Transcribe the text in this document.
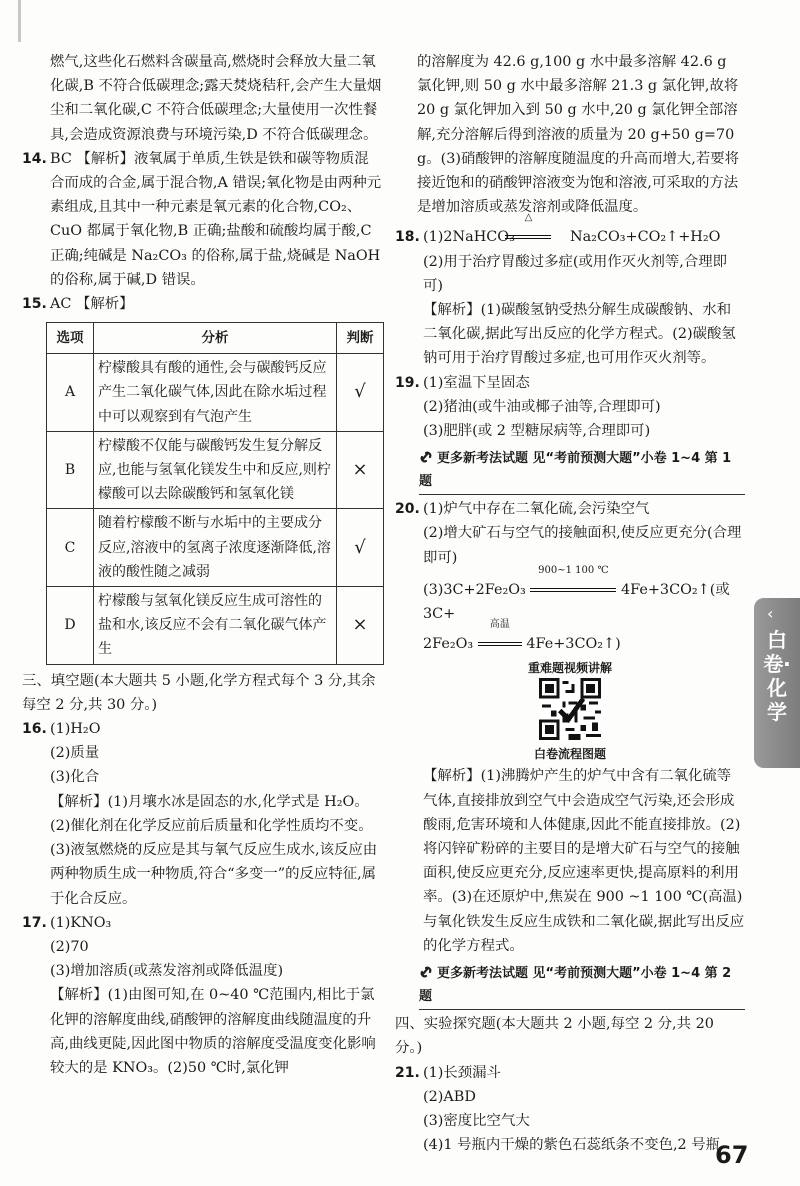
燃气,这些化石燃料含碳量高,燃烧时会释放大量二氧化碳,B 不符合低碳理念;露天焚烧秸秆,会产生大量烟尘和二氧化碳,C 不符合低碳理念;大量使用一次性餐具,会造成资源浪费与环境污染,D 不符合低碳理念。

14. BC 【解析】液氧属于单质,生铁是铁和碳等物质混合而成的合金,属于混合物,A 错误;氧化物是由两种元素组成,且其中一种元素是氧元素的化合物,CO₂、CuO 都属于氧化物,B 正确;盐酸和硫酸均属于酸,C 正确;纯碱是 Na₂CO₃ 的俗称,属于盐,烧碱是 NaOH 的俗称,属于碱,D 错误。

15. AC 【解析】

选项	分析	判断
A	柠檬酸具有酸的通性,会与碳酸钙反应产生二氧化碳气体,因此在除水垢过程中可以观察到有气泡产生	√
B	柠檬酸不仅能与碳酸钙发生复分解反应,也能与氢氧化镁发生中和反应,则柠檬酸可以去除碳酸钙和氢氧化镁	×
C	随着柠檬酸不断与水垢中的主要成分反应,溶液中的氢离子浓度逐渐降低,溶液的酸性随之减弱	√
D	柠檬酸与氢氧化镁反应生成可溶性的盐和水,该反应不会有二氧化碳气体产生	×

三、填空题(本大题共 5 小题,化学方程式每个 3 分,其余每空 2 分,共 30 分。)

16. (1)H₂O

(2)质量

(3)化合

【解析】(1)月壤水冰是固态的水,化学式是 H₂O。(2)催化剂在化学反应前后质量和化学性质均不变。(3)液氢燃烧的反应是其与氧气反应生成水,该反应由两种物质生成一种物质,符合“多变一”的反应特征,属于化合反应。

17. (1)KNO₃

(2)70

(3)增加溶质(或蒸发溶剂或降低温度)

【解析】(1)由图可知,在 0~40 ℃范围内,相比于氯化钾的溶解度曲线,硝酸钾的溶解度曲线随温度的升高,曲线更陡,因此图中物质的溶解度受温度变化影响较大的是 KNO₃。(2)50 ℃时,氯化钾

的溶解度为 42.6 g,100 g 水中最多溶解 42.6 g 氯化钾,则 50 g 水中最多溶解 21.3 g 氯化钾,故将 20 g 氯化钾加入到 50 g 水中,20 g 氯化钾全部溶解,充分溶解后得到溶液的质量为 20 g+50 g=70 g。(3)硝酸钾的溶解度随温度的升高而增大,若要将接近饱和的硝酸钾溶液变为饱和溶液,可采取的方法是增加溶质或蒸发溶剂或降低温度。

18. (1)2NaHCO₃
△
Na₂CO₃+CO₂↑+H₂O

(2)用于治疗胃酸过多症(或用作灭火剂等,合理即可)

【解析】(1)碳酸氢钠受热分解生成碳酸钠、水和二氧化碳,据此写出反应的化学方程式。(2)碳酸氢钠可用于治疗胃酸过多症,也可用作灭火剂等。

19. (1)室温下呈固态

(2)猪油(或牛油或椰子油等,合理即可)

(3)肥胖(或 2 型糖尿病等,合理即可)

更多新考法试题 见“考前预测大题”小卷 1~4 第 1 题

20. (1)炉气中存在二氧化硫,会污染空气

(2)增大矿石与空气的接触面积,使反应更充分(合理即可)

(3)3C+2Fe₂O₃
900~1 100 ℃
4Fe+3CO₂↑(或 3C+

2Fe₂O₃
高温
4Fe+3CO₂↑)

重难题视频讲解
白卷流程图题

【解析】(1)沸腾炉产生的炉气中含有二氧化硫等气体,直接排放到空气中会造成空气污染,还会形成酸雨,危害环境和人体健康,因此不能直接排放。(2)将闪锌矿粉碎的主要目的是增大矿石与空气的接触面积,使反应更充分,反应速率更快,提高原料的利用率。(3)在还原炉中,焦炭在 900 ~1 100 ℃(高温)与氧化铁发生反应生成铁和二氧化碳,据此写出反应的化学方程式。

更多新考法试题 见“考前预测大题”小卷 1~4 第 2 题

四、实验探究题(本大题共 2 小题,每空 2 分,共 20 分。)

21. (1)长颈漏斗

(2)ABD

(3)密度比空气大

(4)1 号瓶内干燥的紫色石蕊纸条不变色,2 号瓶

‹
白卷·化学
67
